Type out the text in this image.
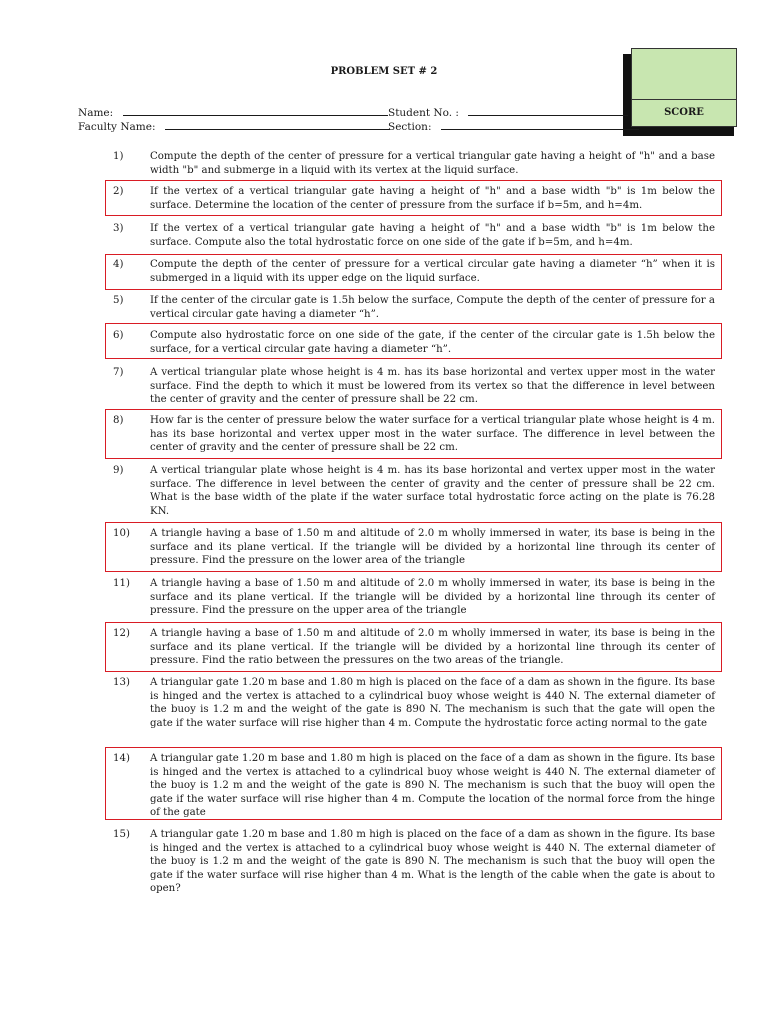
SCORE
PROBLEM SET # 2
Name:	Student No. :
Faculty Name:	Section:
1)	Compute the depth of the center of pressure for a vertical triangular gate having a height of "h" and a base width "b" and submerge in a liquid with its vertex at the liquid surface.
2)	If the vertex of a vertical triangular gate having a height of "h" and a base width "b" is 1m below the surface. Determine the location of the center of pressure from the surface if b=5m, and h=4m.
3)	If the vertex of a vertical triangular gate having a height of "h" and a base width "b" is 1m below the surface. Compute also the total hydrostatic force on one side of the gate if b=5m, and h=4m.
4)	Compute the depth of the center of pressure for a vertical circular gate having a diameter “h” when it is submerged in a liquid with its upper edge on the liquid surface.
5)	If the center of the circular gate is 1.5h below the surface, Compute the depth of the center of pressure for a vertical circular gate having a diameter “h”.
6)	Compute also hydrostatic force on one side of the gate, if the center of the circular gate is 1.5h below the surface, for a vertical circular gate having a diameter “h”.
7)	A vertical triangular plate whose height is 4 m. has its base horizontal and vertex upper most in the water surface. Find the depth to which it must be lowered from its vertex so that the difference in level between the center of gravity and the center of pressure shall be 22 cm.
8)	How far is the center of pressure below the water surface for a vertical triangular plate whose height is 4 m. has its base horizontal and vertex upper most in the water surface. The difference in level between the center of gravity and the center of pressure shall be 22 cm.
9)	A vertical triangular plate whose height is 4 m. has its base horizontal and vertex upper most in the water surface. The difference in level between the center of gravity and the center of pressure shall be 22 cm. What is the base width of the plate if the water surface total hydrostatic force acting on the plate is 76.28 KN.
10) A triangle having a base of 1.50 m and altitude of 2.0 m wholly immersed in water, its base is being in the surface and its plane vertical. If the triangle will be divided by a horizontal line through its center of pressure. Find the pressure on the lower area of the triangle
11) A triangle having a base of 1.50 m and altitude of 2.0 m wholly immersed in water, its base is being in the surface and its plane vertical. If the triangle will be divided by a horizontal line through its center of pressure. Find the pressure on the upper area of the triangle
12) A triangle having a base of 1.50 m and altitude of 2.0 m wholly immersed in water, its base is being in the surface and its plane vertical. If the triangle will be divided by a horizontal line through its center of pressure. Find the ratio between the pressures on the two areas of the triangle.
13) A triangular gate 1.20 m base and 1.80 m high is placed on the face of a dam as shown in the figure. Its base is hinged and the vertex is attached to a cylindrical buoy whose weight is 440 N. The external diameter of the buoy is 1.2 m and the weight of the gate is 890 N. The mechanism is such that the gate will open the gate if the water surface will rise higher than 4 m. Compute the hydrostatic force acting normal to the gate
14) A triangular gate 1.20 m base and 1.80 m high is placed on the face of a dam as shown in the figure. Its base is hinged and the vertex is attached to a cylindrical buoy whose weight is 440 N. The external diameter of the buoy is 1.2 m and the weight of the gate is 890 N. The mechanism is such that the buoy will open the gate if the water surface will rise higher than 4 m. Compute the location of the normal force from the hinge of the gate
15) A triangular gate 1.20 m base and 1.80 m high is placed on the face of a dam as shown in the figure. Its base is hinged and the vertex is attached to a cylindrical buoy whose weight is 440 N. The external diameter of the buoy is 1.2 m and the weight of the gate is 890 N. The mechanism is such that the buoy will open the gate if the water surface will rise higher than 4 m. What is the length of the cable when the gate is about to open?
